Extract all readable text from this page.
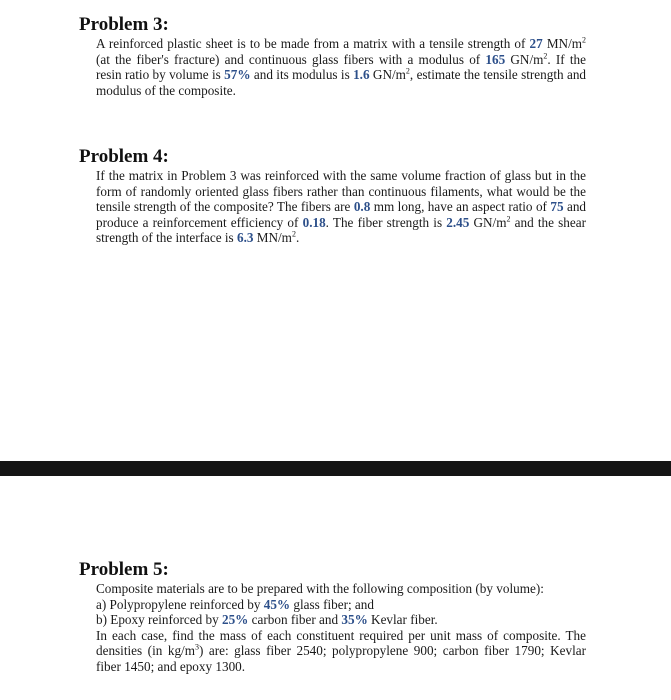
Problem 3:

A reinforced plastic sheet is to be made from a matrix with a tensile strength of 27 $MN/m^2$ (at the fiber's fracture) and continuous glass fibers with a modulus of 165 $GN/m^2$. If the resin ratio by volume is 57% and its modulus is 1.6 $GN/m^2$, estimate the tensile strength and modulus of the composite.

Problem 4:

If the matrix in Problem 3 was reinforced with the same volume fraction of glass but in the form of randomly oriented glass fibers rather than continuous filaments, what would be the tensile strength of the composite? The fibers are 0.8 mm long, have an aspect ratio of 75 and produce a reinforcement efficiency of 0.18. The fiber strength is 2.45 $GN/m^2$ and the shear strength of the interface is 6.3 $MN/m^2$.

Problem 5:

Composite materials are to be prepared with the following composition (by volume):
a) Polypropylene reinforced by 45% glass fiber; and
b) Epoxy reinforced by 25% carbon fiber and 35% Kevlar fiber.
In each case, find the mass of each constituent required per unit mass of composite. The densities (in $kg/m^3$) are: glass fiber 2540; polypropylene 900; carbon fiber 1790; Kevlar fiber 1450; and epoxy 1300.
